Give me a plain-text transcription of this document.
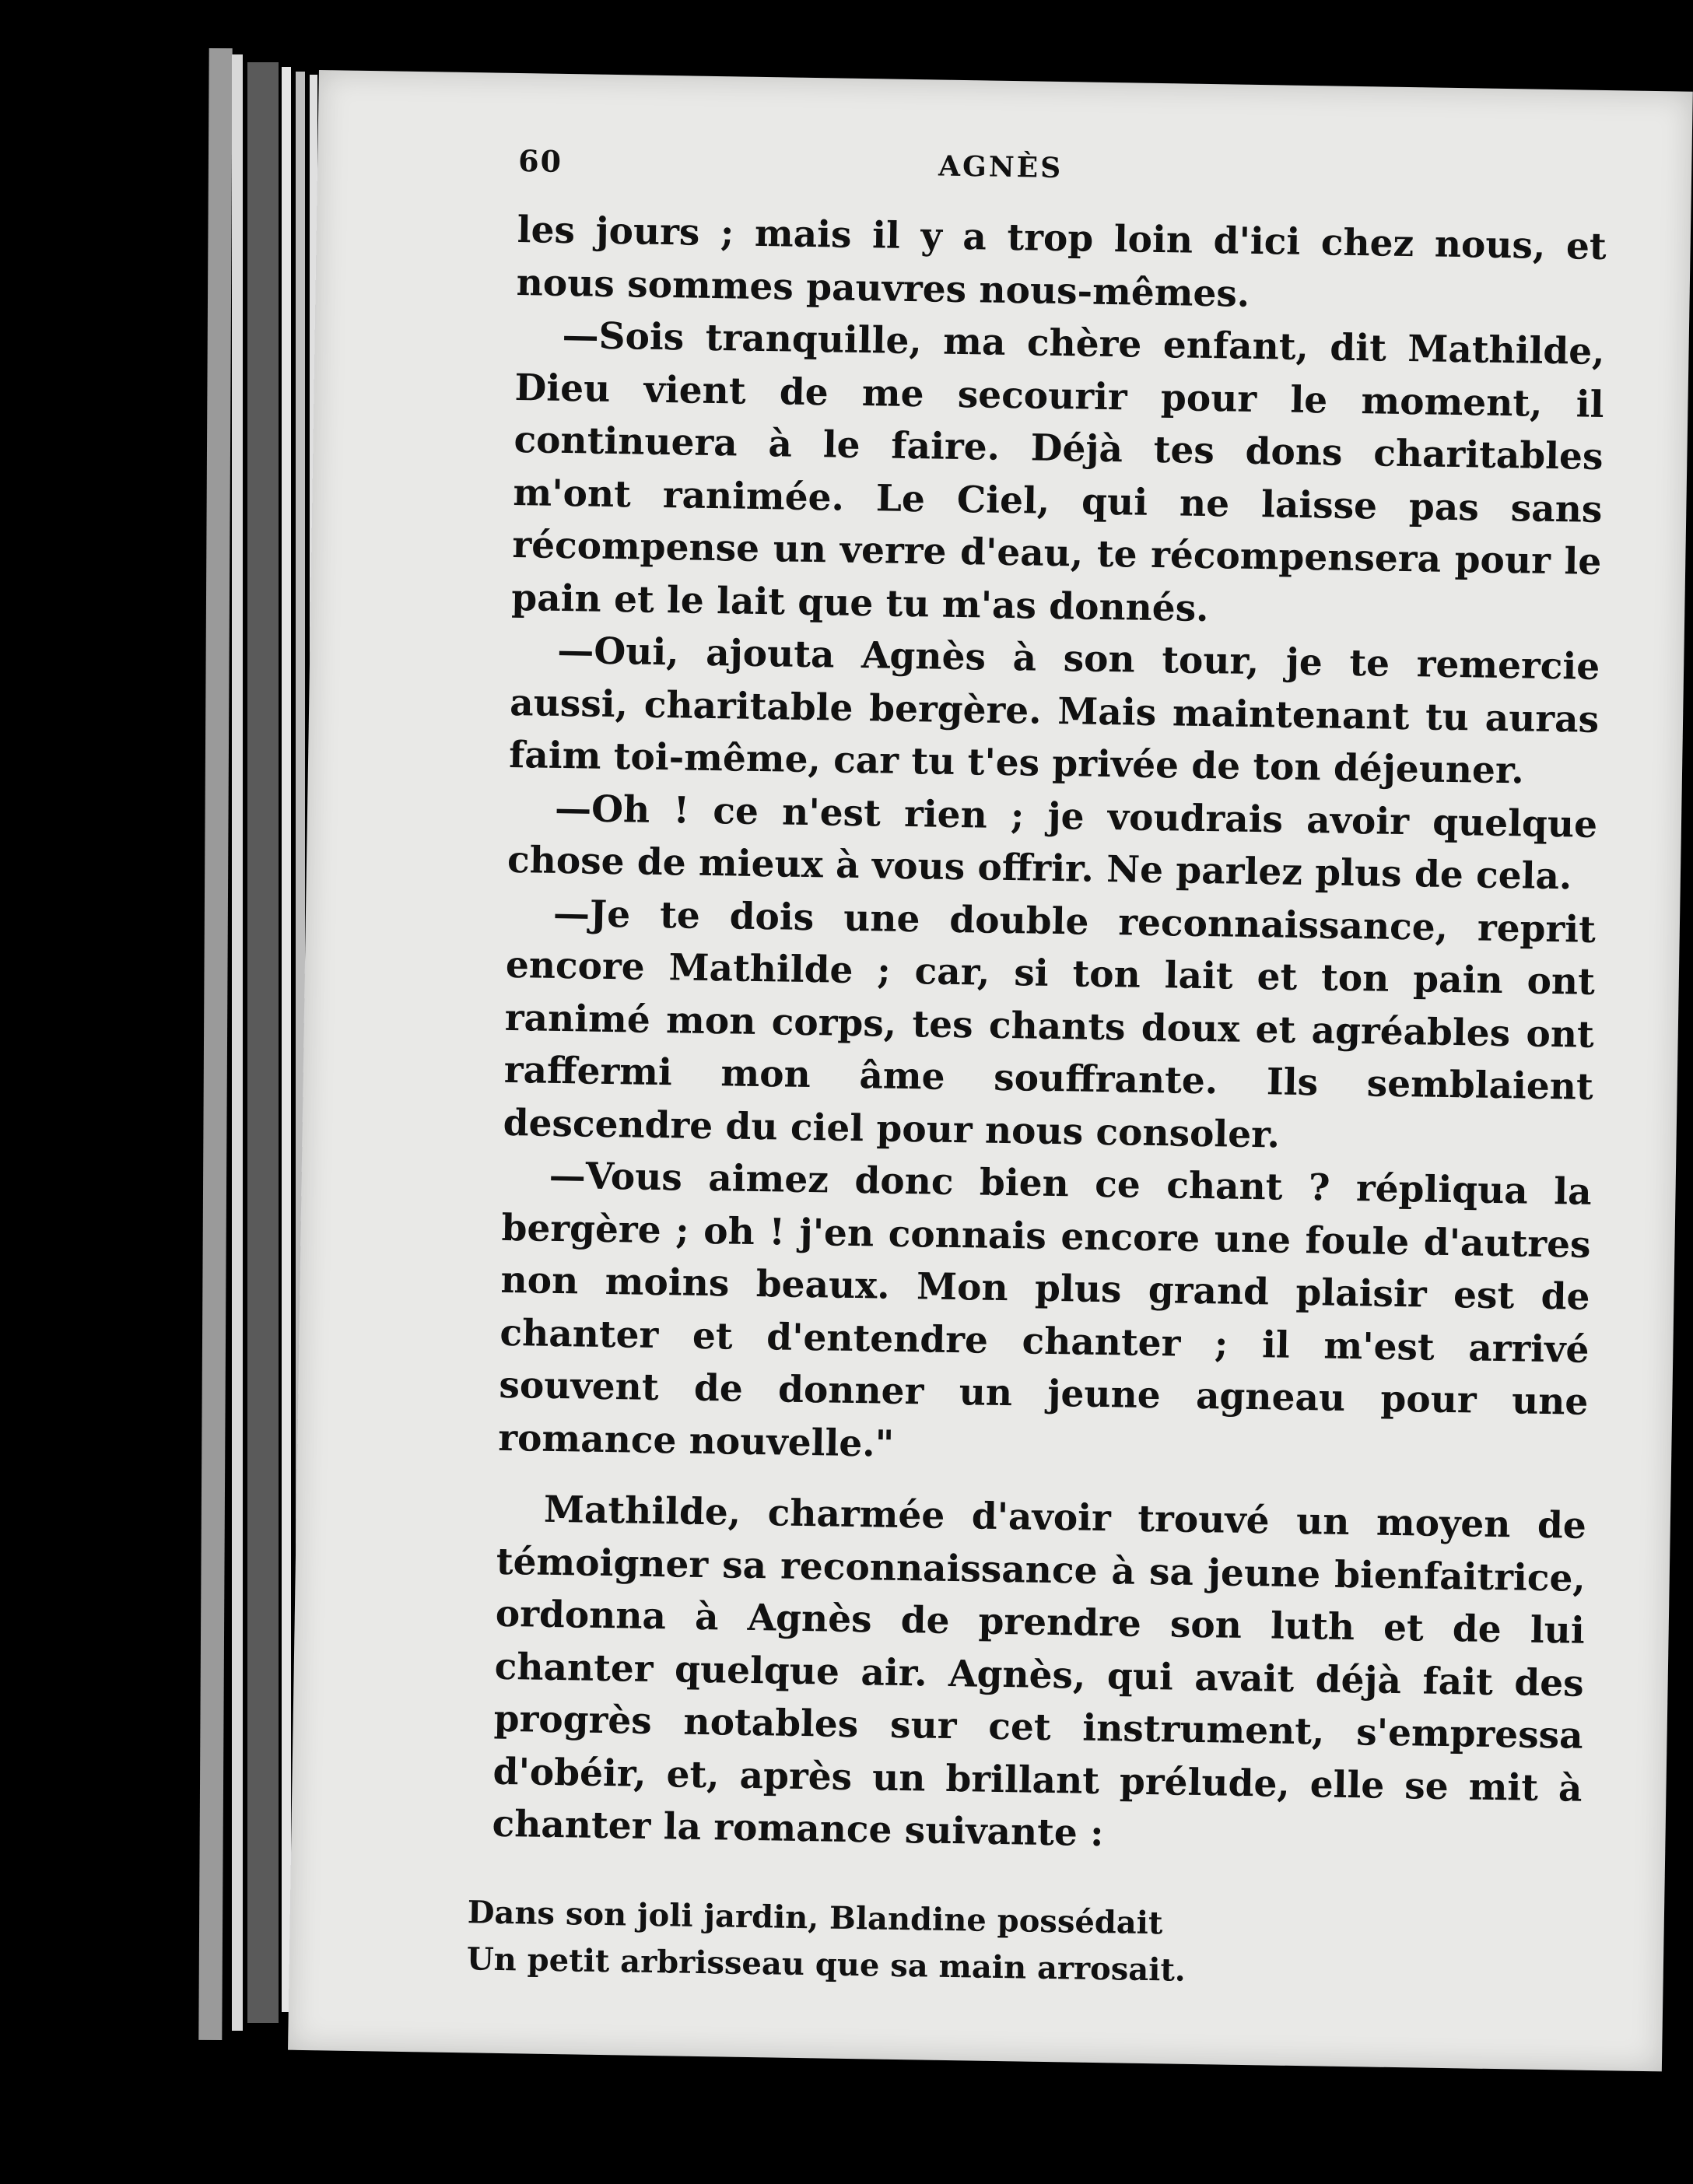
60	AGNÈS

les jours ; mais il y a trop loin d'ici chez nous, et nous sommes pauvres nous-mêmes.

—Sois tranquille, ma chère enfant, dit Mathilde, Dieu vient de me secourir pour le moment, il continuera à le faire. Déjà tes dons charitables m'ont ranimée. Le Ciel, qui ne laisse pas sans récompense un verre d'eau, te récompensera pour le pain et le lait que tu m'as donnés.

—Oui, ajouta Agnès à son tour, je te remercie aussi, charitable bergère. Mais maintenant tu auras faim toi-même, car tu t'es privée de ton déjeuner.

—Oh ! ce n'est rien ; je voudrais avoir quelque chose de mieux à vous offrir. Ne parlez plus de cela.

—Je te dois une double reconnaissance, reprit encore Mathilde ; car, si ton lait et ton pain ont ranimé mon corps, tes chants doux et agréables ont raffermi mon âme souffrante. Ils semblaient descendre du ciel pour nous consoler.

—Vous aimez donc bien ce chant ? répliqua la bergère ; oh ! j'en connais encore une foule d'autres non moins beaux. Mon plus grand plaisir est de chanter et d'entendre chanter ; il m'est arrivé souvent de donner un jeune agneau pour une romance nouvelle."

Mathilde, charmée d'avoir trouvé un moyen de témoigner sa reconnaissance à sa jeune bienfaitrice, ordonna à Agnès de prendre son luth et de lui chanter quelque air. Agnès, qui avait déjà fait des progrès notables sur cet instrument, s'empressa d'obéir, et, après un brillant prélude, elle se mit à chanter la romance suivante :

Dans son joli jardin, Blandine possédait

Un petit arbrisseau que sa main arrosait.
